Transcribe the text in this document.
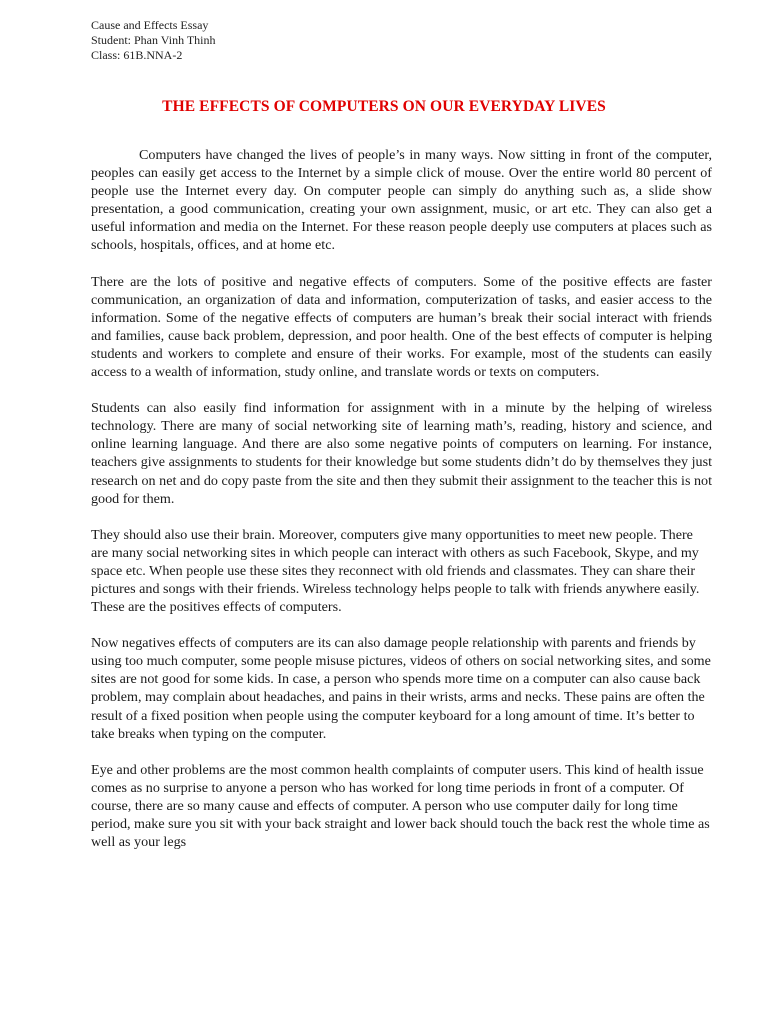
Cause and Effects Essay
Student: Phan Vinh Thinh
Class: 61B.NNA-2
THE EFFECTS OF COMPUTERS ON OUR EVERYDAY LIVES

Computers have changed the lives of people’s in many ways. Now sitting in front of the computer, peoples can easily get access to the Internet by a simple click of mouse. Over the entire world 80 percent of people use the Internet every day. On computer people can simply do anything such as, a slide show presentation, a good communication, creating your own assignment, music, or art etc. They can also get a useful information and media on the Internet. For these reason people deeply use computers at places such as schools, hospitals, offices, and at home etc.

There are the lots of positive and negative effects of computers. Some of the positive effects are faster communication, an organization of data and information, computerization of tasks, and easier access to the information. Some of the negative effects of computers are human’s break their social interact with friends and families, cause back problem, depression, and poor health. One of the best effects of computer is helping students and workers to complete and ensure of their works. For example, most of the students can easily access to a wealth of information, study online, and translate words or texts on computers.

Students can also easily find information for assignment with in a minute by the helping of wireless technology. There are many of social networking site of learning math’s, reading, history and science, and online learning language. And there are also some negative points of computers on learning. For instance, teachers give assignments to students for their knowledge but some students didn’t do by themselves they just research on net and do copy paste from the site and then they submit their assignment to the teacher this is not good for them.

They should also use their brain. Moreover, computers give many opportunities to meet new people. There are many social networking sites in which people can interact with others as such Facebook, Skype, and my space etc. When people use these sites they reconnect with old friends and classmates. They can share their pictures and songs with their friends. Wireless technology helps people to talk with friends anywhere easily. These are the positives effects of computers.

Now negatives effects of computers are its can also damage people relationship with parents and friends by using too much computer, some people misuse pictures, videos of others on social networking sites, and some sites are not good for some kids. In case, a person who spends more time on a computer can also cause back problem, may complain about headaches, and pains in their wrists, arms and necks. These pains are often the result of a fixed position when people using the computer keyboard for a long amount of time. It’s better to take breaks when typing on the computer.

Eye and other problems are the most common health complaints of computer users. This kind of health issue comes as no surprise to anyone a person who has worked for long time periods in front of a computer. Of course, there are so many cause and effects of computer. A person who use computer daily for long time period, make sure you sit with your back straight and lower back should touch the back rest the whole time as well as your legs
